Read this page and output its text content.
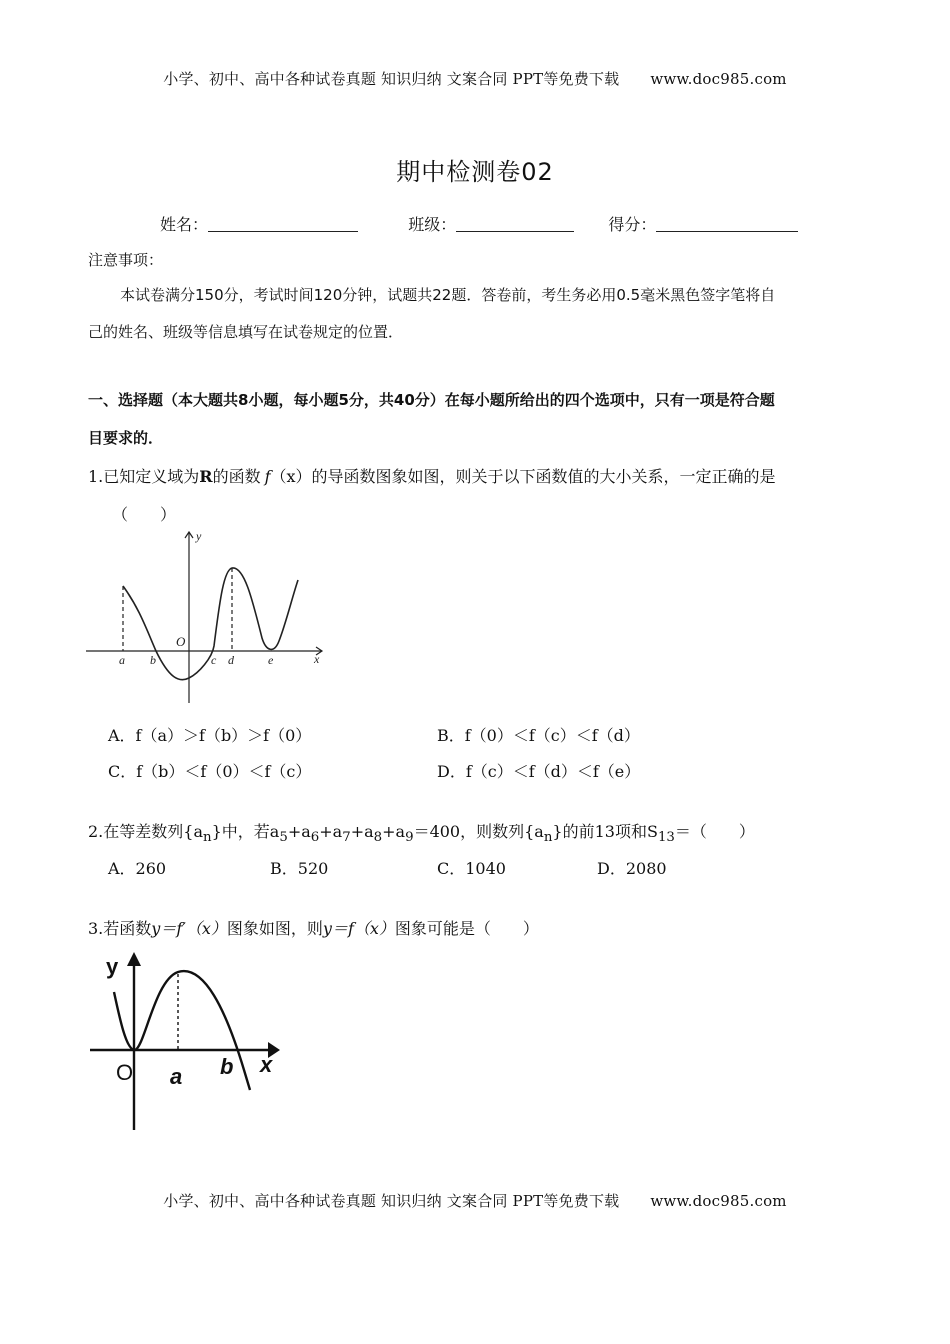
小学、初中、高中各种试卷真题 知识归纳 文案合同 PPT等免费下载 www.doc985.com
期中检测卷02
姓名：	班级：	得分：
注意事项：
本试卷满分150分，考试时间120分钟，试题共22题．答卷前，考生务必用0.5毫米黑色签字笔将自
己的姓名、班级等信息填写在试卷规定的位置．
一、选择题（本大题共8小题，每小题5分，共40分）在每小题所给出的四个选项中，只有一项是符合题
目要求的．
1.已知定义域为R的函数 f（x）的导函数图象如图，则关于以下函数值的大小关系，一定正确的是
（　　）
y
x
O
a b	c d	e
A．f（a）＞f（b）＞f（0）	B．f（0）＜f（c）＜f（d）
C．f（b）＜f（0）＜f（c）	D．f（c）＜f（d）＜f（e）
2.在等差数列$\{a_n\}$中，若$a_5+a_6+a_7+a_8+a_9=400$，则数列$\{a_n\}$的前13项和$S_{13}=$（　　）
A．260	B．520	C．1040	D．2080
3.若函数y＝f′（x）图象如图，则y＝f（x）图象可能是（　　）
y
x
O a b
小学、初中、高中各种试卷真题 知识归纳 文案合同 PPT等免费下载 www.doc985.com
